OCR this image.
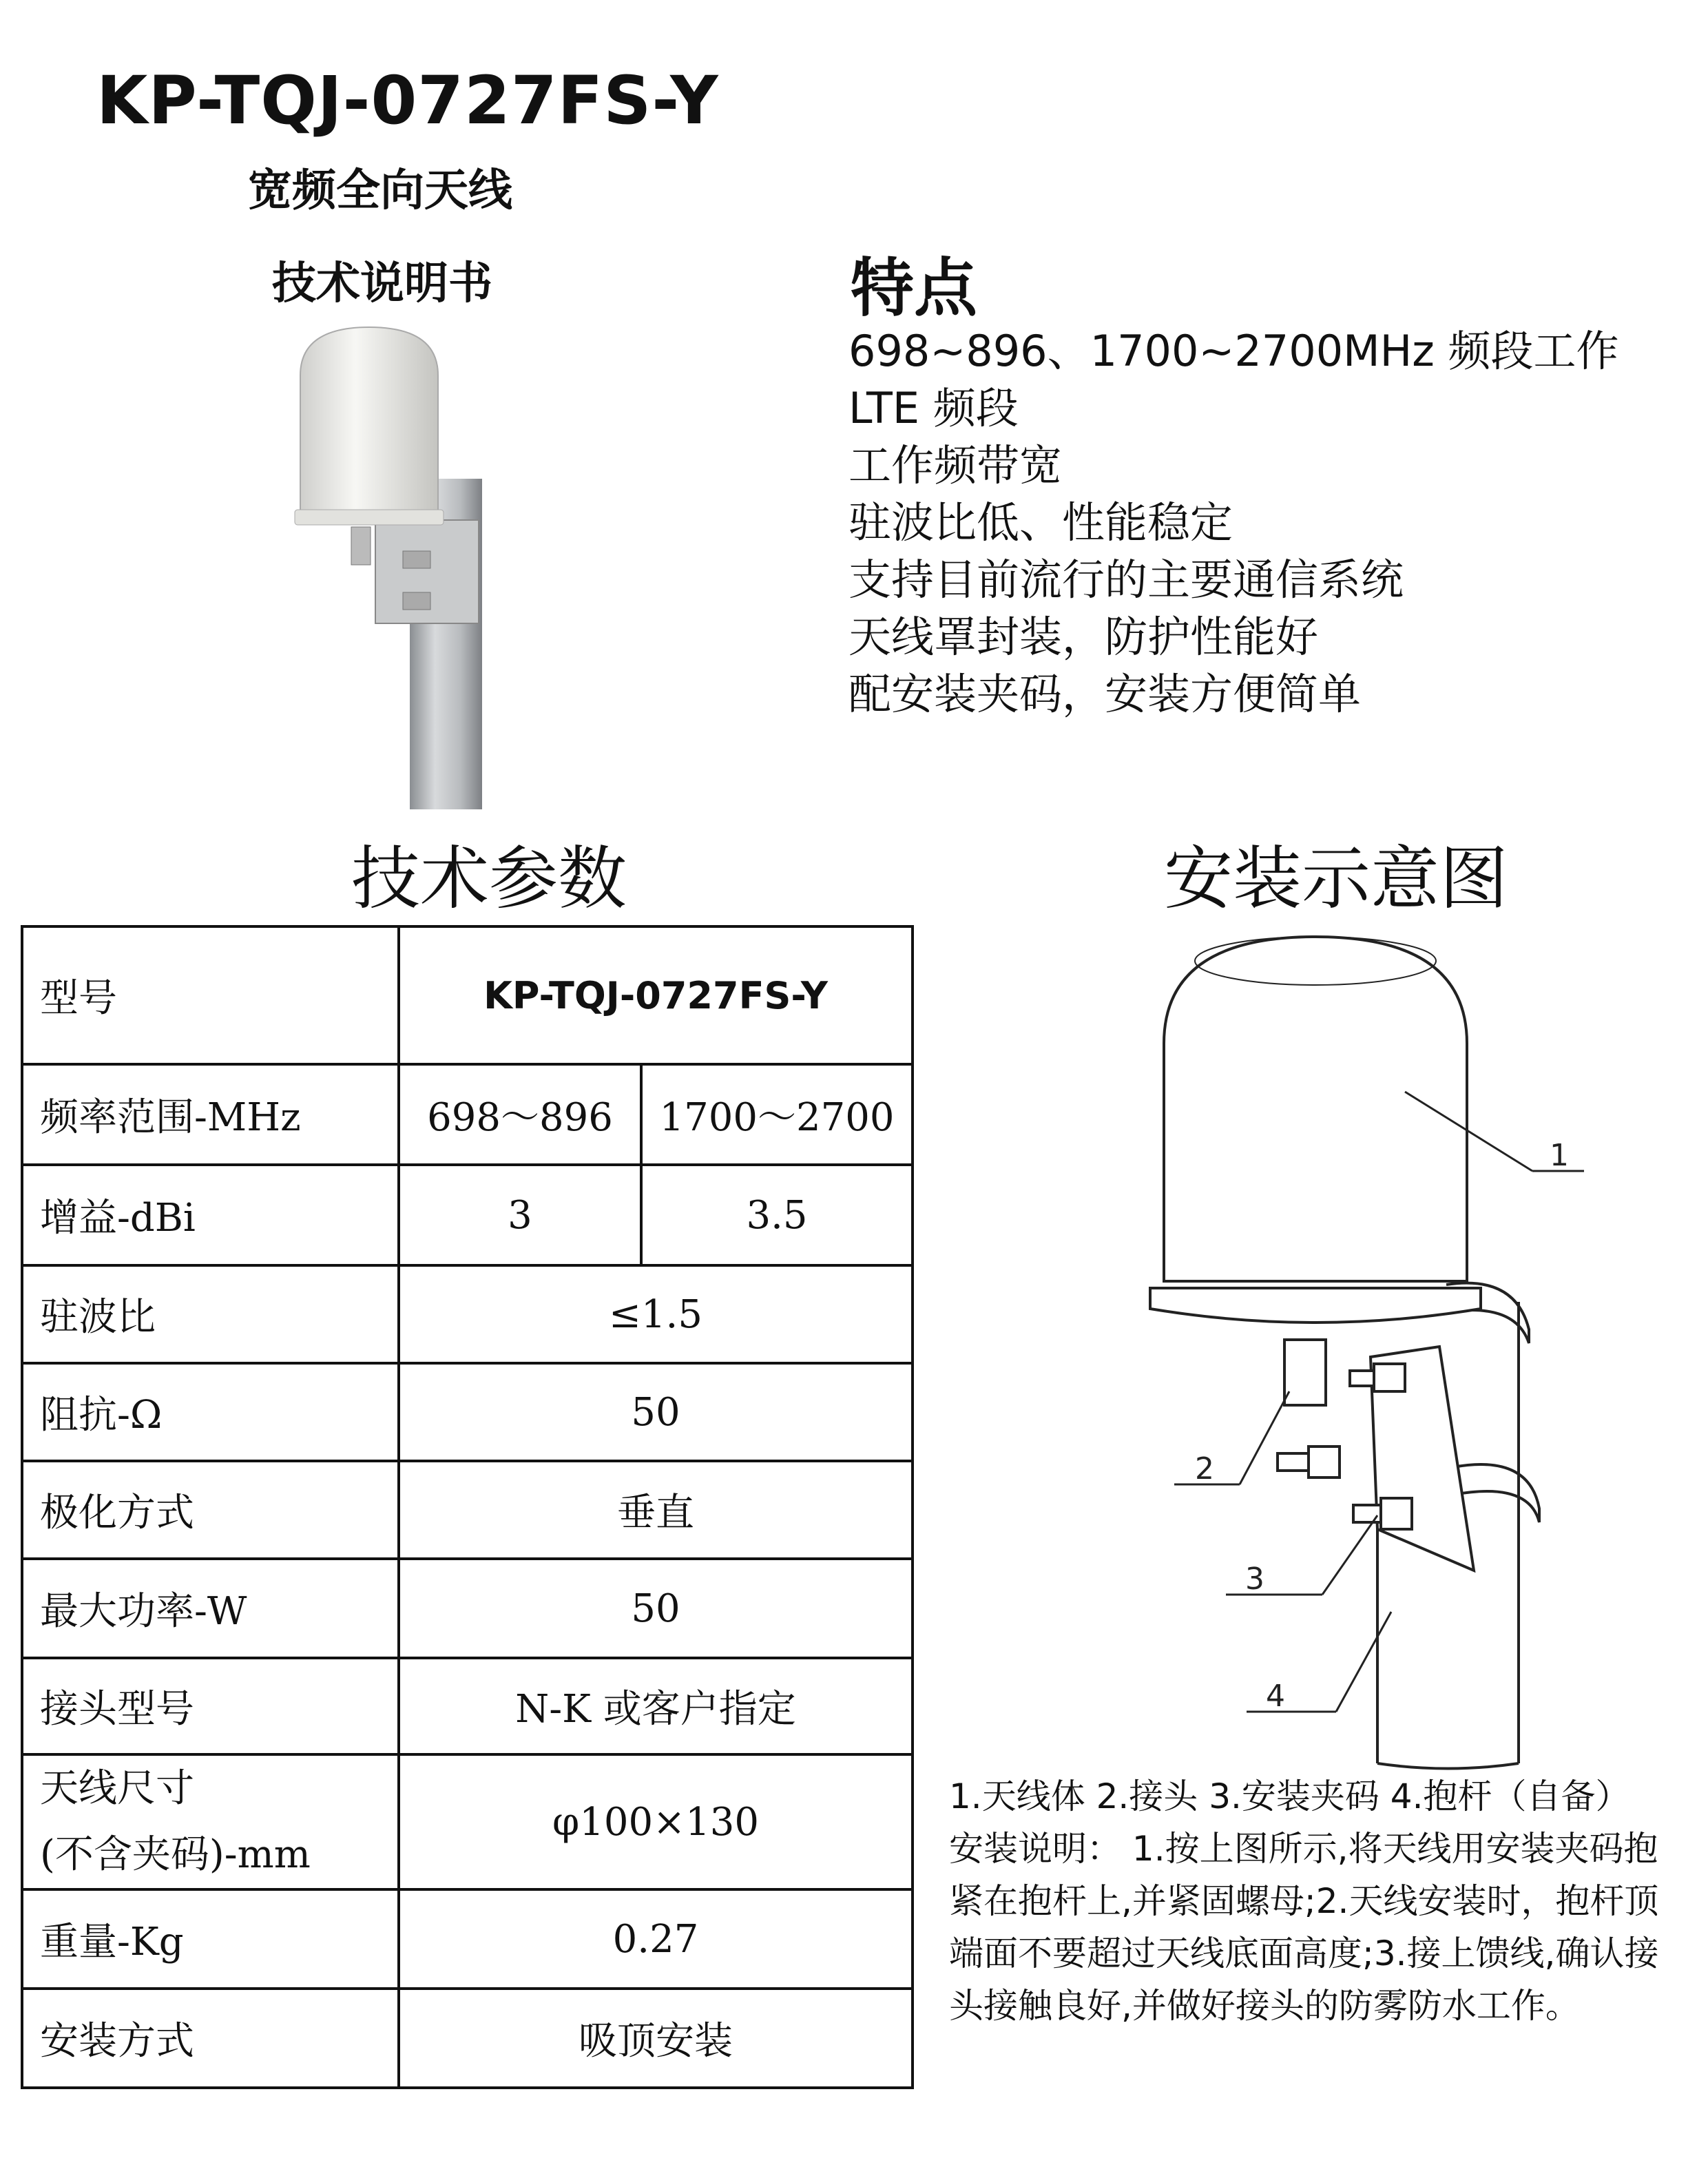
KP-TQJ-0727FS-Y
宽频全向天线
技术说明书	特点
698~896、1700~2700MHz 频段工作
LTE 频段
工作频带宽
驻波比低、性能稳定
支持目前流行的主要通信系统
天线罩封装，防护性能好
配安装夹码，安装方便简单
技术参数	安装示意图
型号	KP-TQJ-0727FS-Y	
频率范围-MHz	698～896	1700～2700
增益-dBi	3	3.5
驻波比	≤1.5	
阻抗-Ω	50	
极化方式	垂直	
最大功率-W	50	
接头型号	N-K 或客户指定	

天线尺寸
(不含夹码)-mm	φ100×130	
重量-Kg	0.27	
安装方式	吸顶安装	
1
2
3
4

1.天线体 2.接头 3.安装夹码 4.抱杆（自备）

安装说明： 1.按上图所示,将天线用安装夹码抱

紧在抱杆上,并紧固螺母;2.天线安装时，抱杆顶

端面不要超过天线底面高度;3.接上馈线,确认接

头接触良好,并做好接头的防雾防水工作。
